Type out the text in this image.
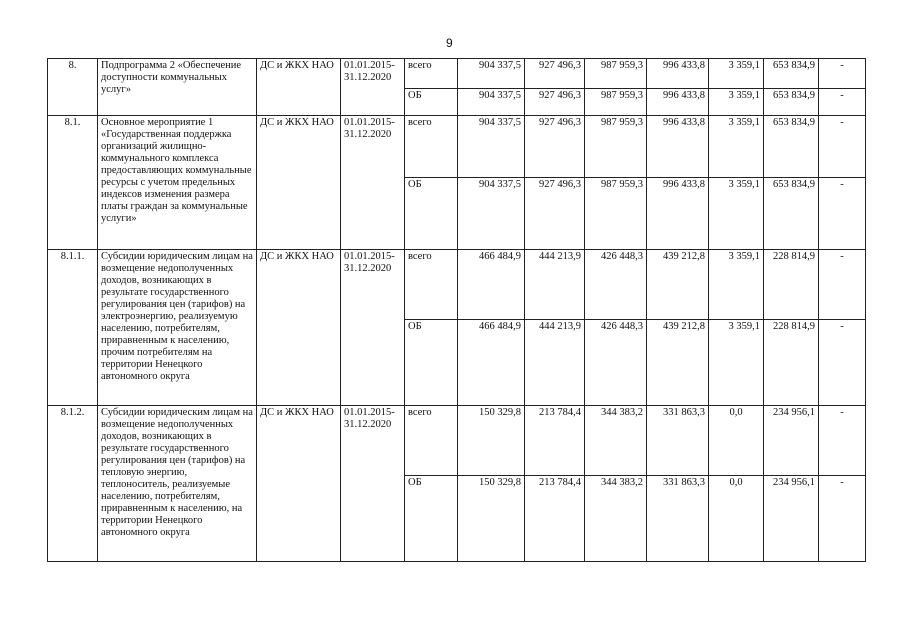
9
8.	Подпрограмма 2 «Обеспечение доступности коммунальных услуг»	ДС и ЖКХ НАО	01.01.2015-31.12.2020	всего	904 337,5	927 496,3	987 959,3	996 433,8	3 359,1	653 834,9	-
				ОБ	904 337,5	927 496,3	987 959,3	996 433,8	3 359,1	653 834,9	-
8.1.	Основное мероприятие 1 «Государственная поддержка организаций жилищно-коммунального комплекса предоставляющих коммунальные ресурсы с учетом предельных индексов изменения размера платы граждан за коммунальные услуги»	ДС и ЖКХ НАО	01.01.2015-31.12.2020	всего	904 337,5	927 496,3	987 959,3	996 433,8	3 359,1	653 834,9	-
				ОБ	904 337,5	927 496,3	987 959,3	996 433,8	3 359,1	653 834,9	-
8.1.1.	Субсидии юридическим лицам на возмещение недополученных доходов, возникающих в результате государственного регулирования цен (тарифов) на электроэнергию, реализуемую населению, потребителям, приравненным к населению, прочим потребителям на территории Ненецкого автономного округа	ДС и ЖКХ НАО	01.01.2015-31.12.2020	всего	466 484,9	444 213,9	426 448,3	439 212,8	3 359,1	228 814,9	-
				ОБ	466 484,9	444 213,9	426 448,3	439 212,8	3 359,1	228 814,9	-
8.1.2.	Субсидии юридическим лицам на возмещение недополученных доходов, возникающих в результате государственного регулирования цен (тарифов) на тепловую энергию, теплоноситель, реализуемые населению, потребителям, приравненным к населению, на территории Ненецкого автономного округа	ДС и ЖКХ НАО	01.01.2015-31.12.2020	всего	150 329,8	213 784,4	344 383,2	331 863,3	0,0	234 956,1	-
				ОБ	150 329,8	213 784,4	344 383,2	331 863,3	0,0	234 956,1	-
